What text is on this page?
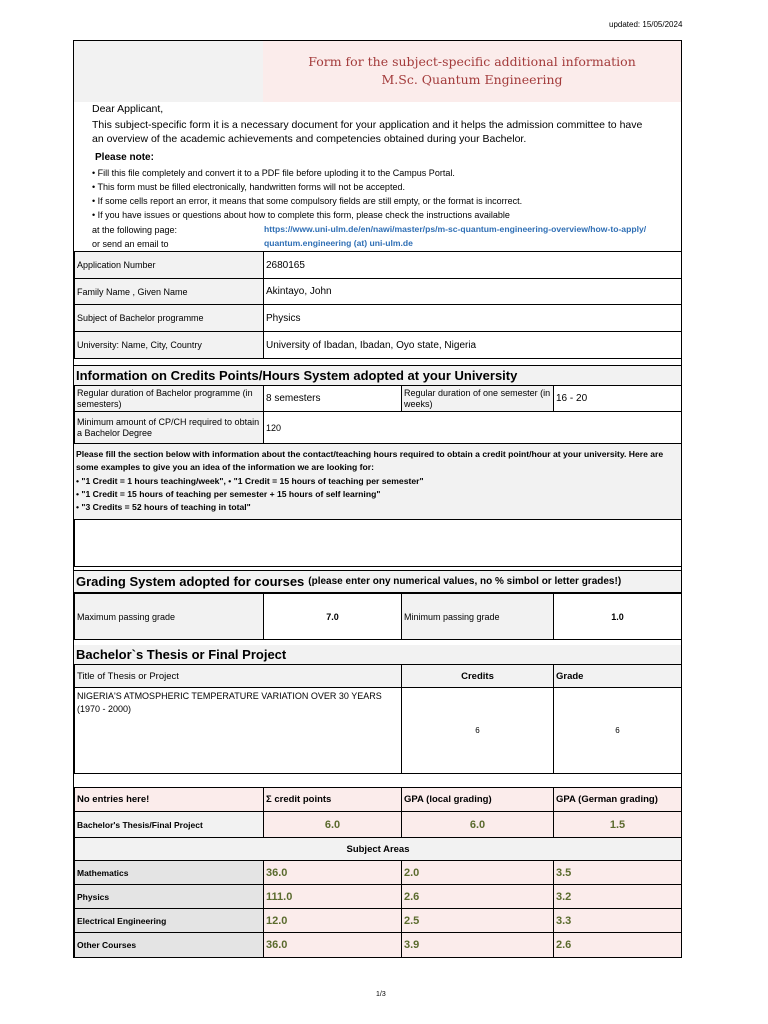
updated: 15/05/2024
Form for the subject-specific additional information
M.Sc. Quantum Engineering
Dear Applicant,
This subject-specific form it is a necessary document for your application and it helps the admission committee to have
an overview of the academic achievements and competencies obtained during your Bachelor.
Please note:
• Fill this file completely and convert it to a PDF file before uploding it to the Campus Portal.
• This form must be filled electronically, handwritten forms will not be accepted.
• If some cells report an error, it means that some compulsory fields are still empty, or the format is incorrect.
• If you have issues or questions about how to complete this form, please check the instructions available
at the following page:	https://www.uni-ulm.de/en/nawi/master/ps/m-sc-quantum-engineering-overview/how-to-apply/
or send an email to	quantum.engineering (at) uni-ulm.de
Application Number	2680165
Family Name , Given Name	Akintayo, John
Subject of Bachelor programme	Physics
University: Name, City, Country	University of Ibadan, Ibadan, Oyo state, Nigeria
Information on Credits Points/Hours System adopted at your University
Regular duration of Bachelor programme (in semesters)	8 semesters
Regular duration of one semester (in weeks)	16 - 20
Minimum amount of CP/CH required to obtain a Bachelor Degree	120
Please fill the section below with information about the contact/teaching hours required to obtain a credit point/hour at your university. Here are some examples to give you an idea of the information we are looking for:
• "1 Credit = 1 hours teaching/week", • "1 Credit = 15 hours of teaching per semester"
• "1 Credit = 15 hours of teaching per semester + 15 hours of self learning"
• "3 Credits = 52 hours of teaching in total"
Grading System adopted for courses (please enter ony numerical values, no % simbol or letter grades!)
Maximum passing grade	7.0	Minimum passing grade	1.0
Bachelor`s Thesis or Final Project
Title of Thesis or Project	Credits	Grade
NIGERIA'S ATMOSPHERIC TEMPERATURE VARIATION OVER 30 YEARS (1970 - 2000)
6	6
No entries here!	Σ credit points	GPA (local grading)	GPA (German grading)
Bachelor's Thesis/Final Project	6.0	6.0	1.5
Subject Areas
Mathematics	36.0	2.0	3.5
Physics	111.0	2.6	3.2
Electrical Engineering	12.0	2.5	3.3
Other Courses	36.0	3.9	2.6
1/3
